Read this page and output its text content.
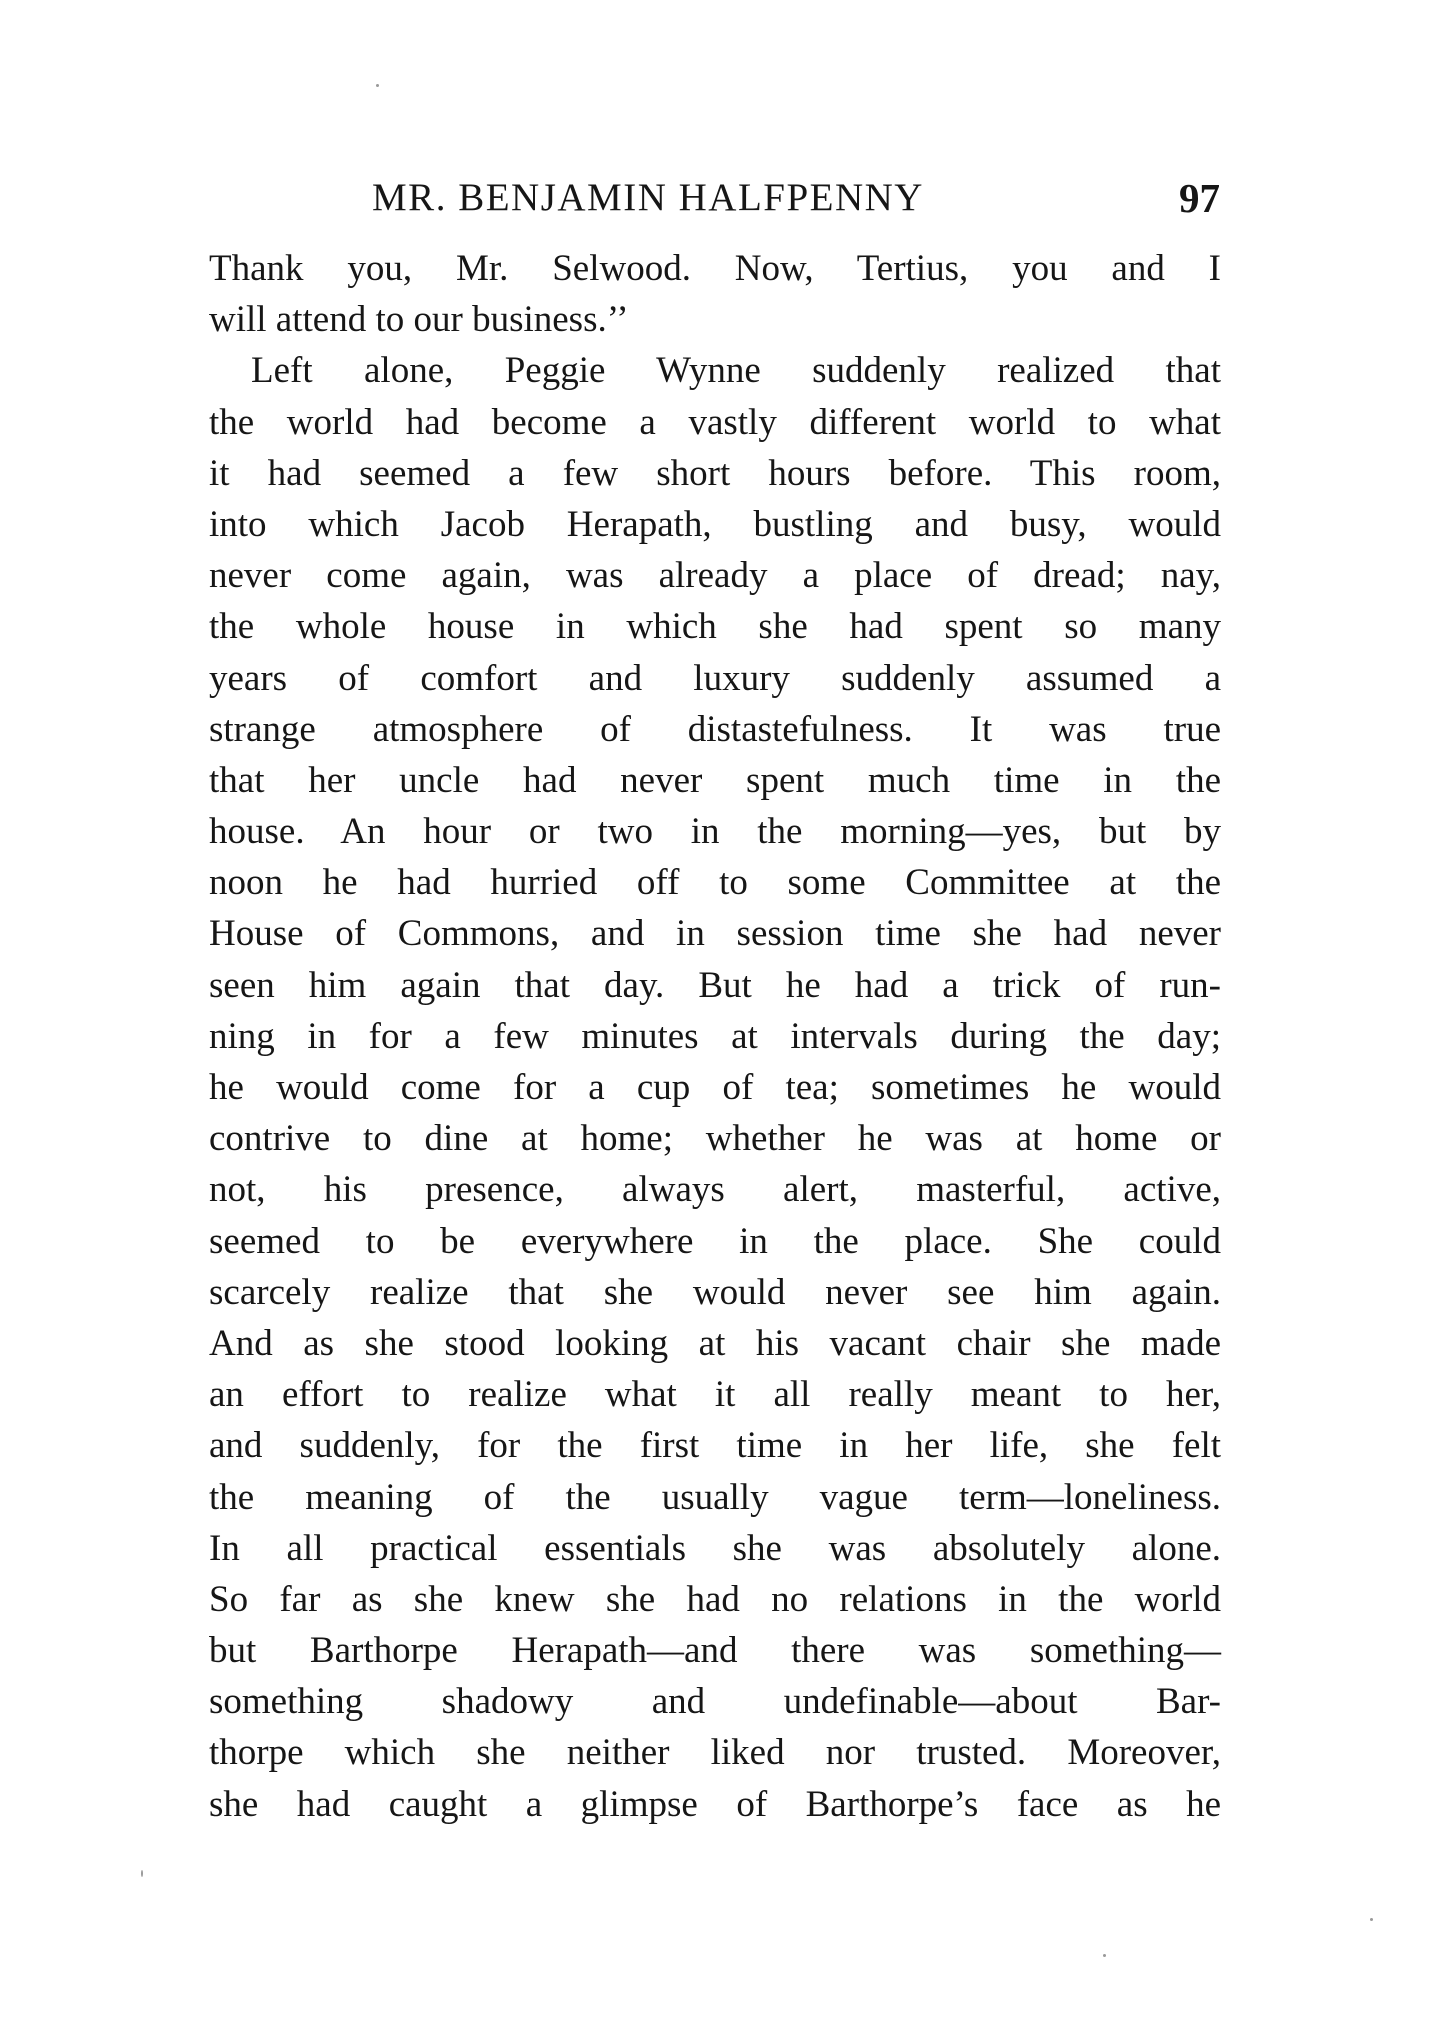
MR. BENJAMIN HALFPENNY	97
Thank you, Mr. Selwood. Now, Tertius, you and I
will attend to our business.’’
Left alone, Peggie Wynne suddenly realized that
the world had become a vastly different world to what
it had seemed a few short hours before. This room,
into which Jacob Herapath, bustling and busy, would
never come again, was already a place of dread; nay,
the whole house in which she had spent so many
years of comfort and luxury suddenly assumed a
strange atmosphere of distastefulness. It was true
that her uncle had never spent much time in the
house. An hour or two in the morning—yes, but by
noon he had hurried off to some Committee at the
House of Commons, and in session time she had never
seen him again that day. But he had a trick of run-
ning in for a few minutes at intervals during the day;
he would come for a cup of tea; sometimes he would
contrive to dine at home; whether he was at home or
not, his presence, always alert, masterful, active,
seemed to be everywhere in the place. She could
scarcely realize that she would never see him again.
And as she stood looking at his vacant chair she made
an effort to realize what it all really meant to her,
and suddenly, for the first time in her life, she felt
the meaning of the usually vague term—loneliness.
In all practical essentials she was absolutely alone.
So far as she knew she had no relations in the world
but Barthorpe Herapath—and there was something—
something shadowy and undefinable—about Bar-
thorpe which she neither liked nor trusted. Moreover,
she had caught a glimpse of Barthorpe’s face as he
